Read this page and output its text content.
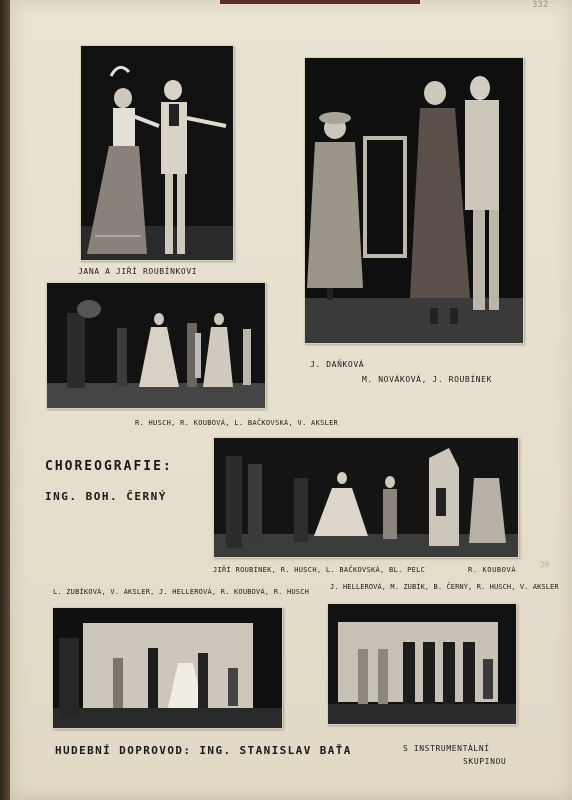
332
JANA A JIŘÍ ROUBÍNKOVI
J. DAŇKOVÁ
M. NOVÁKOVÁ, J. ROUBÍNEK
R. HUSCH, R. KOUBOVÁ, L. BAČKOVSKÁ, V. AKSLER
CHOREOGRAFIE:
ING. BOH. ČERNÝ
JIŘÍ ROUBÍNEK, R. HUSCH, L. BAČKOVSKÁ, BL. PELC	R. KOUBOVÁ
26
L. ZUBÍKOVÁ, V. AKSLER, J. HELLEROVÁ, R. KOUBOVÁ, R. HUSCH
J. HELLEROVÁ, M. ZUBÍK, B. ČERNÝ, R. HUSCH, V. AKSLER
HUDEBNÍ DOPROVOD: ING. STANISLAV BAŤA	S INSTRUMENTÁLNÍ
SKUPINOU
